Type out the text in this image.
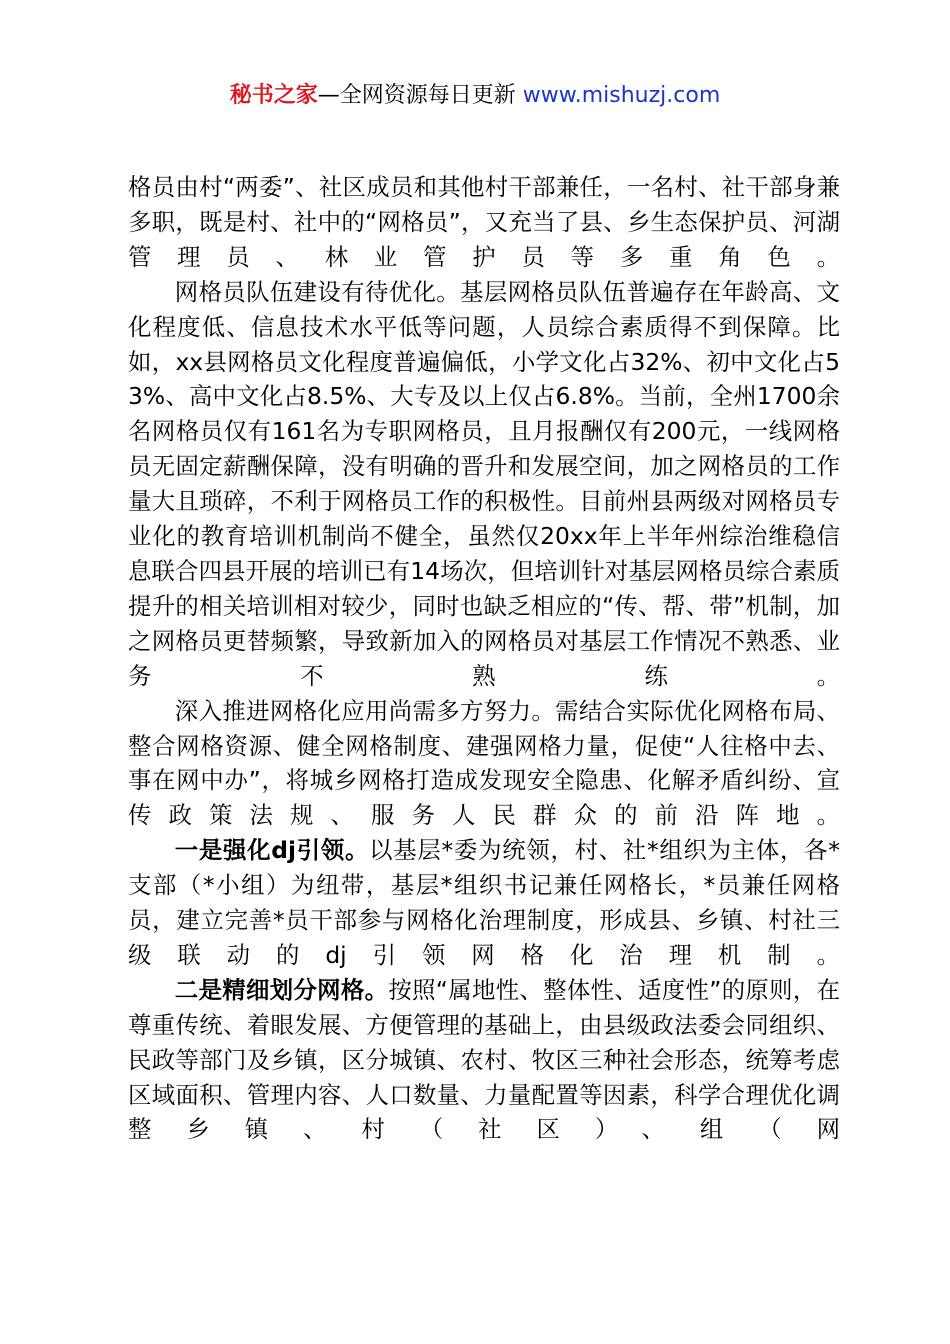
秘书之家—全网资源每日更新 www.mishuzj.com

格员由村“两委”、社区成员和其他村干部兼任，一名村、社干部身兼多职，既是村、社中的“网格员”，又充当了县、乡生态保护员、河湖管理员、林业管护员等多重角色。

网格员队伍建设有待优化。基层网格员队伍普遍存在年龄高、文化程度低、信息技术水平低等问题，人员综合素质得不到保障。比如，xx县网格员文化程度普遍偏低，小学文化占32%、初中文化占53%、高中文化占8.5%、大专及以上仅占6.8%。当前，全州1700余名网格员仅有161名为专职网格员，且月报酬仅有200元，一线网格员无固定薪酬保障，没有明确的晋升和发展空间，加之网格员的工作量大且琐碎，不利于网格员工作的积极性。目前州县两级对网格员专业化的教育培训机制尚不健全，虽然仅20xx年上半年州综治维稳信息联合四县开展的培训已有14场次，但培训针对基层网格员综合素质提升的相关培训相对较少，同时也缺乏相应的“传、帮、带”机制，加之网格员更替频繁，导致新加入的网格员对基层工作情况不熟悉、业务不熟练。

深入推进网格化应用尚需多方努力。需结合实际优化网格布局、整合网格资源、健全网格制度、建强网格力量，促使“人往格中去、事在网中办”，将城乡网格打造成发现安全隐患、化解矛盾纠纷、宣传政策法规、服务人民群众的前沿阵地。

一是强化dj引领。以基层*委为统领，村、社*组织为主体，各*支部（*小组）为纽带，基层*组织书记兼任网格长，*员兼任网格员，建立完善*员干部参与网格化治理制度，形成县、乡镇、村社三级联动的dj引领网格化治理机制。

二是精细划分网格。按照“属地性、整体性、适度性”的原则，在尊重传统、着眼发展、方便管理的基础上，由县级政法委会同组织、民政等部门及乡镇，区分城镇、农村、牧区三种社会形态，统筹考虑区域面积、管理内容、人口数量、力量配置等因素，科学合理优化调整乡镇、村（社区）、组（网
